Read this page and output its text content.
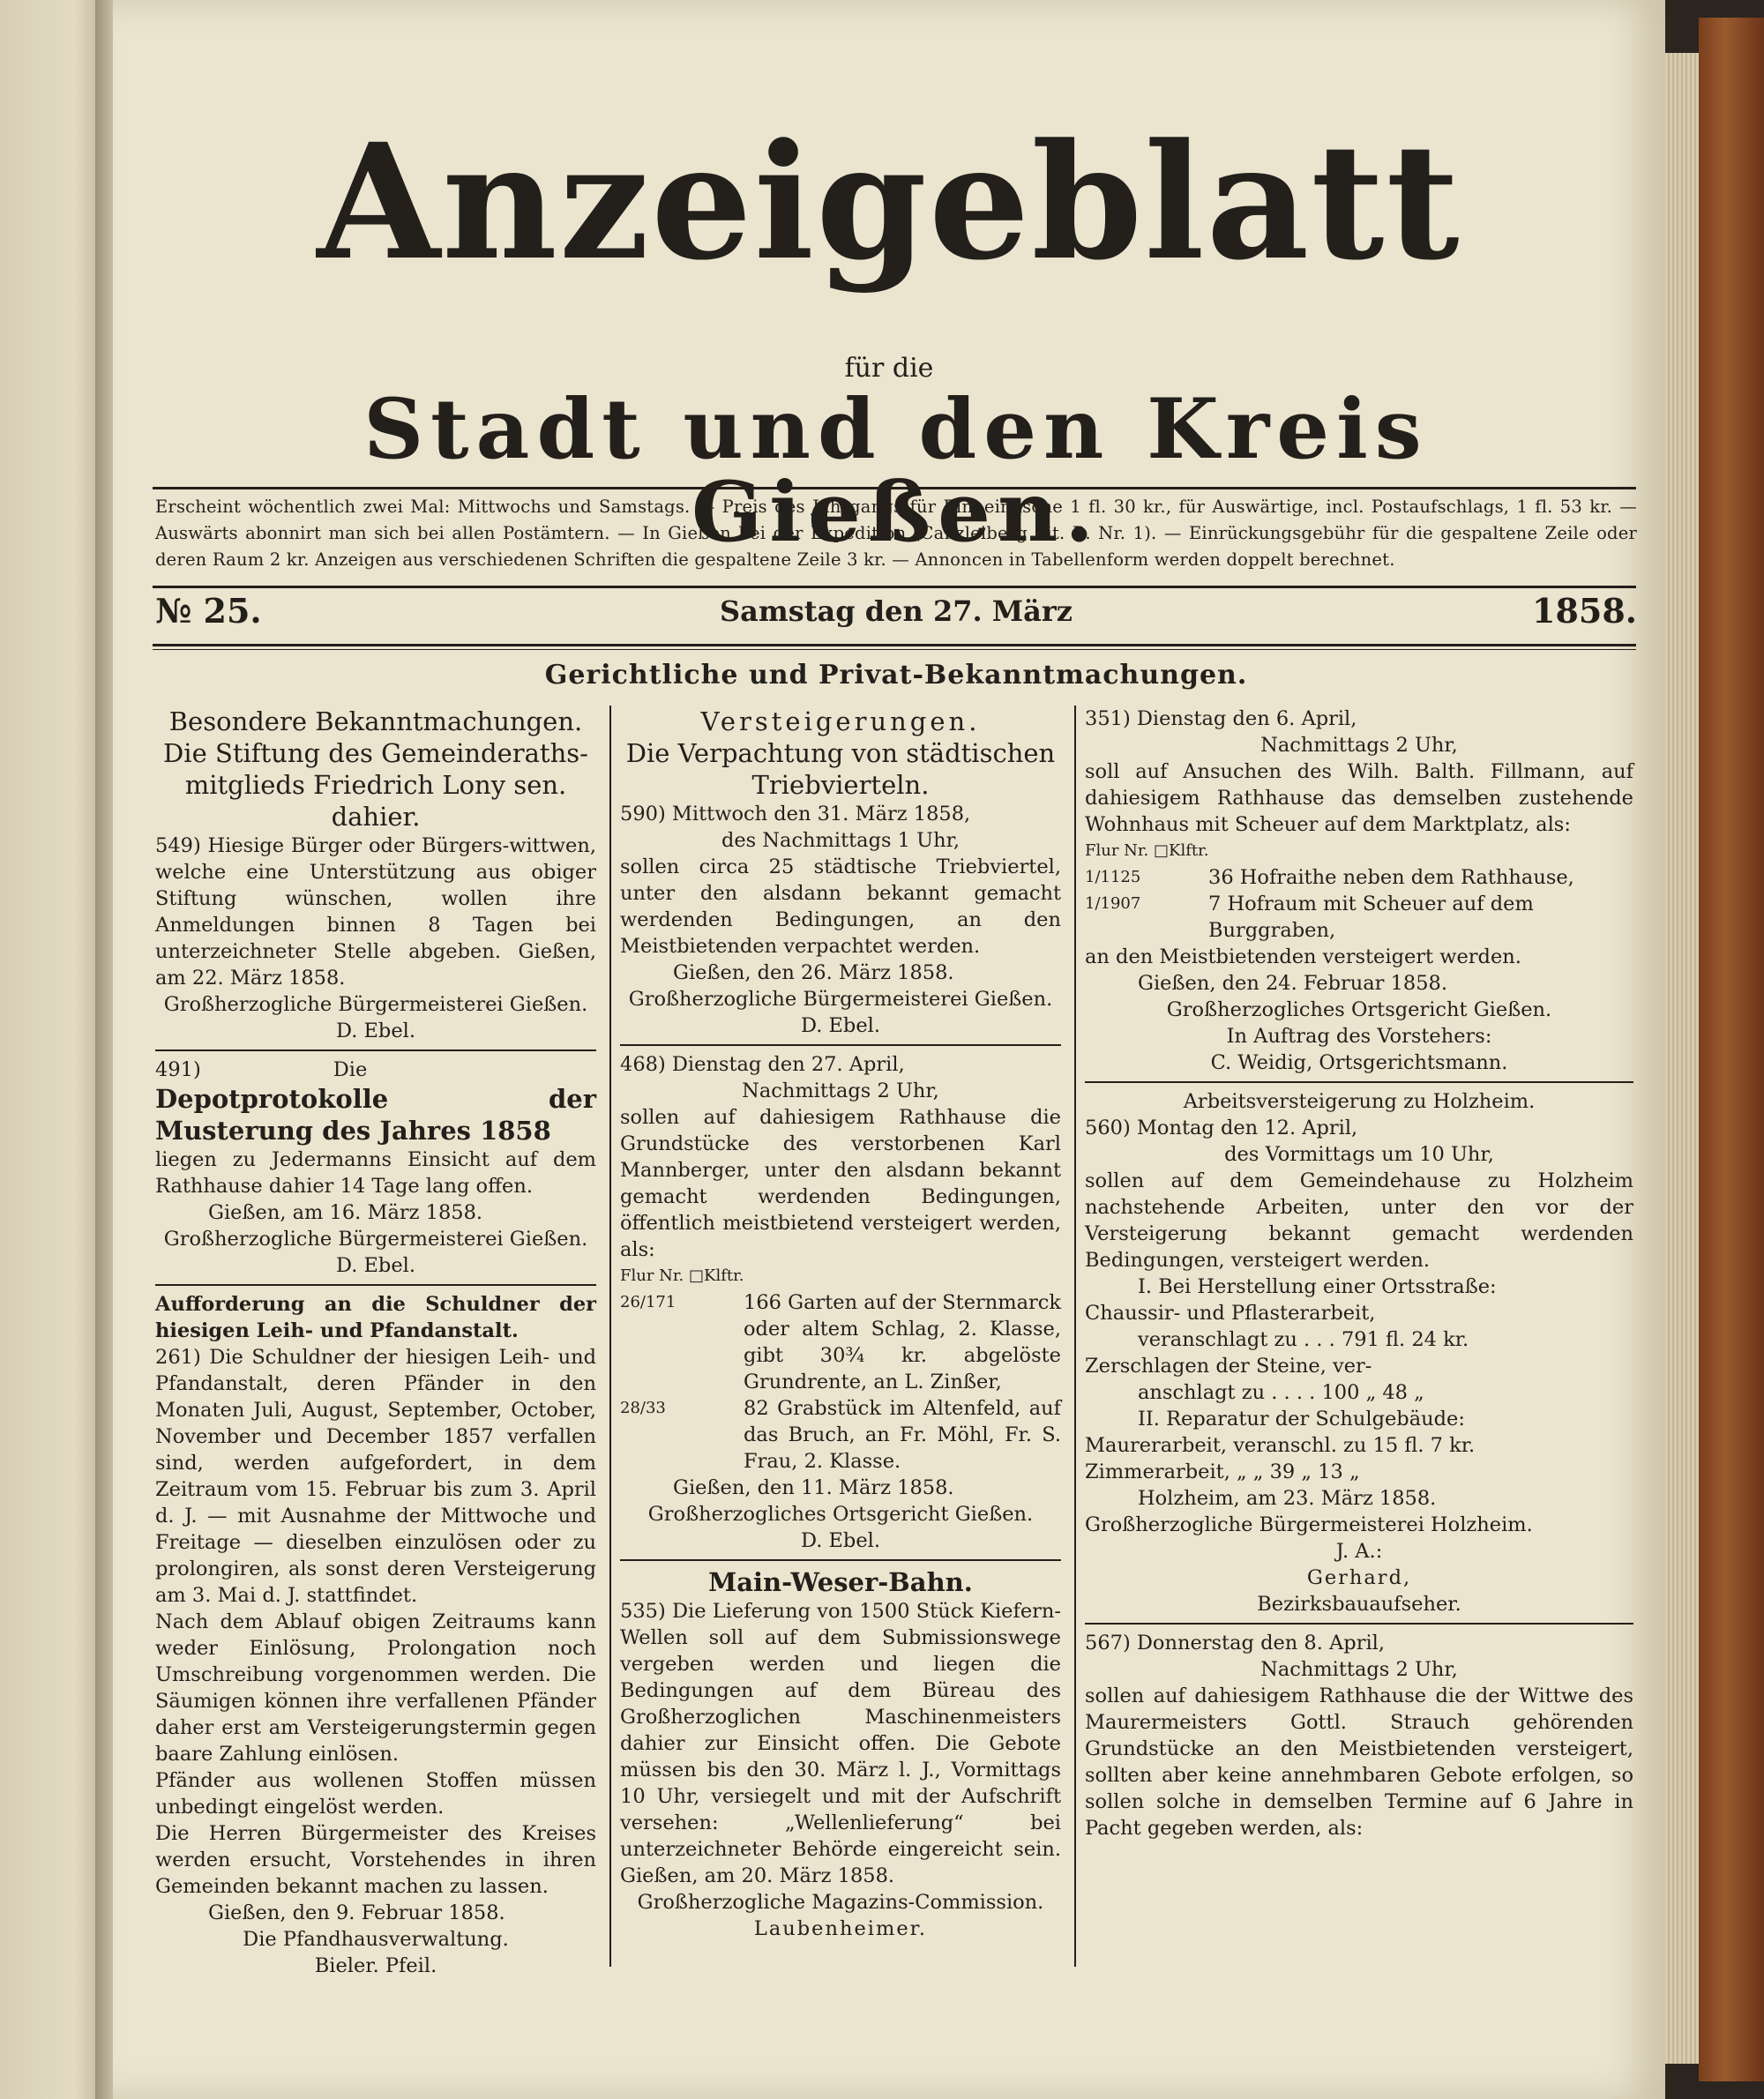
Anzeigeblatt
für die
Stadt und den Kreis Gießen.
Erscheint wöchentlich zwei Mal: Mittwochs und Samstags. — Preis des Jahrgangs für Einheimische 1 fl. 30 kr., für Auswärtige, incl. Postaufschlags, 1 fl. 53 kr. — Auswärts abonnirt man sich bei allen Postämtern. — In Gießen bei der Expedition (Canzleiberg Lit. B. Nr. 1). — Einrückungsgebühr für die gespaltene Zeile oder deren Raum 2 kr. Anzeigen aus verschiedenen Schriften die gespaltene Zeile 3 kr. — Annoncen in Tabellenform werden doppelt berechnet.
№ 25.	Samstag den 27. März	1858.
Gerichtliche und Privat-Bekanntmachungen.

Besondere Bekanntmachungen.

Die Stiftung des Gemeinderaths-

mitglieds Friedrich Lony sen. dahier.

549) Hiesige Bürger oder Bürgers-wittwen, welche eine Unterstützung aus obiger Stiftung wünschen, wollen ihre Anmeldungen binnen 8 Tagen bei unterzeichneter Stelle abgeben. Gießen, am 22. März 1858.

Großherzogliche Bürgermeisterei Gießen.

D. Ebel.

491)	Die

Depotprotokolle der Musterung des Jahres 1858

liegen zu Jedermanns Einsicht auf dem Rathhause dahier 14 Tage lang offen.

Gießen, am 16. März 1858.

Großherzogliche Bürgermeisterei Gießen.

D. Ebel.

Aufforderung an die Schuldner der hiesigen Leih- und Pfandanstalt.

261) Die Schuldner der hiesigen Leih- und Pfandanstalt, deren Pfänder in den Monaten Juli, August, September, October, November und December 1857 verfallen sind, werden aufgefordert, in dem Zeitraum vom 15. Februar bis zum 3. April d. J. — mit Ausnahme der Mittwoche und Freitage — dieselben einzulösen oder zu prolongiren, als sonst deren Versteigerung am 3. Mai d. J. stattfindet.

Nach dem Ablauf obigen Zeitraums kann weder Einlösung, Prolongation noch Umschreibung vorgenommen werden. Die Säumigen können ihre verfallenen Pfänder daher erst am Versteigerungstermin gegen baare Zahlung einlösen.

Pfänder aus wollenen Stoffen müssen unbedingt eingelöst werden.

Die Herren Bürgermeister des Kreises werden ersucht, Vorstehendes in ihren Gemeinden bekannt machen zu lassen.

Gießen, den 9. Februar 1858.

Die Pfandhausverwaltung.

Bieler. Pfeil.

Versteigerungen.

Die Verpachtung von städtischen Triebvierteln.

590) Mittwoch den 31. März 1858,

des Nachmittags 1 Uhr,

sollen circa 25 städtische Triebviertel, unter den alsdann bekannt gemacht werdenden Bedingungen, an den Meistbietenden verpachtet werden.

Gießen, den 26. März 1858.

Großherzogliche Bürgermeisterei Gießen.

D. Ebel.

468) Dienstag den 27. April,

Nachmittags 2 Uhr,

sollen auf dahiesigem Rathhause die Grundstücke des verstorbenen Karl Mannberger, unter den alsdann bekannt gemacht werdenden Bedingungen, öffentlich meistbietend versteigert werden, als:

Flur Nr. □Klftr.

26/171	166 Garten auf der Sternmarck oder altem Schlag, 2. Klasse, gibt 30¾ kr. abgelöste Grundrente, an L. Zinßer,
28/33	82 Grabstück im Altenfeld, auf das Bruch, an Fr. Möhl, Fr. S. Frau, 2. Klasse.

Gießen, den 11. März 1858.

Großherzogliches Ortsgericht Gießen.

D. Ebel.

Main-Weser-Bahn.

535) Die Lieferung von 1500 Stück Kiefern-Wellen soll auf dem Submissionswege vergeben werden und liegen die Bedingungen auf dem Büreau des Großherzoglichen Maschinenmeisters dahier zur Einsicht offen. Die Gebote müssen bis den 30. März l. J., Vormittags 10 Uhr, versiegelt und mit der Aufschrift versehen: „Wellenlieferung“ bei unterzeichneter Behörde eingereicht sein. Gießen, am 20. März 1858.

Großherzogliche Magazins-Commission.

Laubenheimer.

351) Dienstag den 6. April,

Nachmittags 2 Uhr,

soll auf Ansuchen des Wilh. Balth. Fillmann, auf dahiesigem Rathhause das demselben zustehende Wohnhaus mit Scheuer auf dem Marktplatz, als:

Flur Nr. □Klftr.

1/1125	36 Hofraithe neben dem Rathhause,
1/1907	7 Hofraum mit Scheuer auf dem Burggraben,

an den Meistbietenden versteigert werden.

Gießen, den 24. Februar 1858.

Großherzogliches Ortsgericht Gießen.

In Auftrag des Vorstehers:

C. Weidig, Ortsgerichtsmann.

Arbeitsversteigerung zu Holzheim.

560) Montag den 12. April,

des Vormittags um 10 Uhr,

sollen auf dem Gemeindehause zu Holzheim nachstehende Arbeiten, unter den vor der Versteigerung bekannt gemacht werdenden Bedingungen, versteigert werden.

I. Bei Herstellung einer Ortsstraße:

Chaussir- und Pflasterarbeit,

veranschlagt zu . . . 791 fl. 24 kr.

Zerschlagen der Steine, ver-

anschlagt zu . . . . 100 „ 48 „

II. Reparatur der Schulgebäude:

Maurerarbeit, veranschl. zu 15 fl. 7 kr.

Zimmerarbeit, „ „ 39 „ 13 „

Holzheim, am 23. März 1858.

Großherzogliche Bürgermeisterei Holzheim.

J. A.:

Gerhard,

Bezirksbauaufseher.

567) Donnerstag den 8. April,

Nachmittags 2 Uhr,

sollen auf dahiesigem Rathhause die der Wittwe des Maurermeisters Gottl. Strauch gehörenden Grundstücke an den Meistbietenden versteigert, sollten aber keine annehmbaren Gebote erfolgen, so sollen solche in demselben Termine auf 6 Jahre in Pacht gegeben werden, als:
